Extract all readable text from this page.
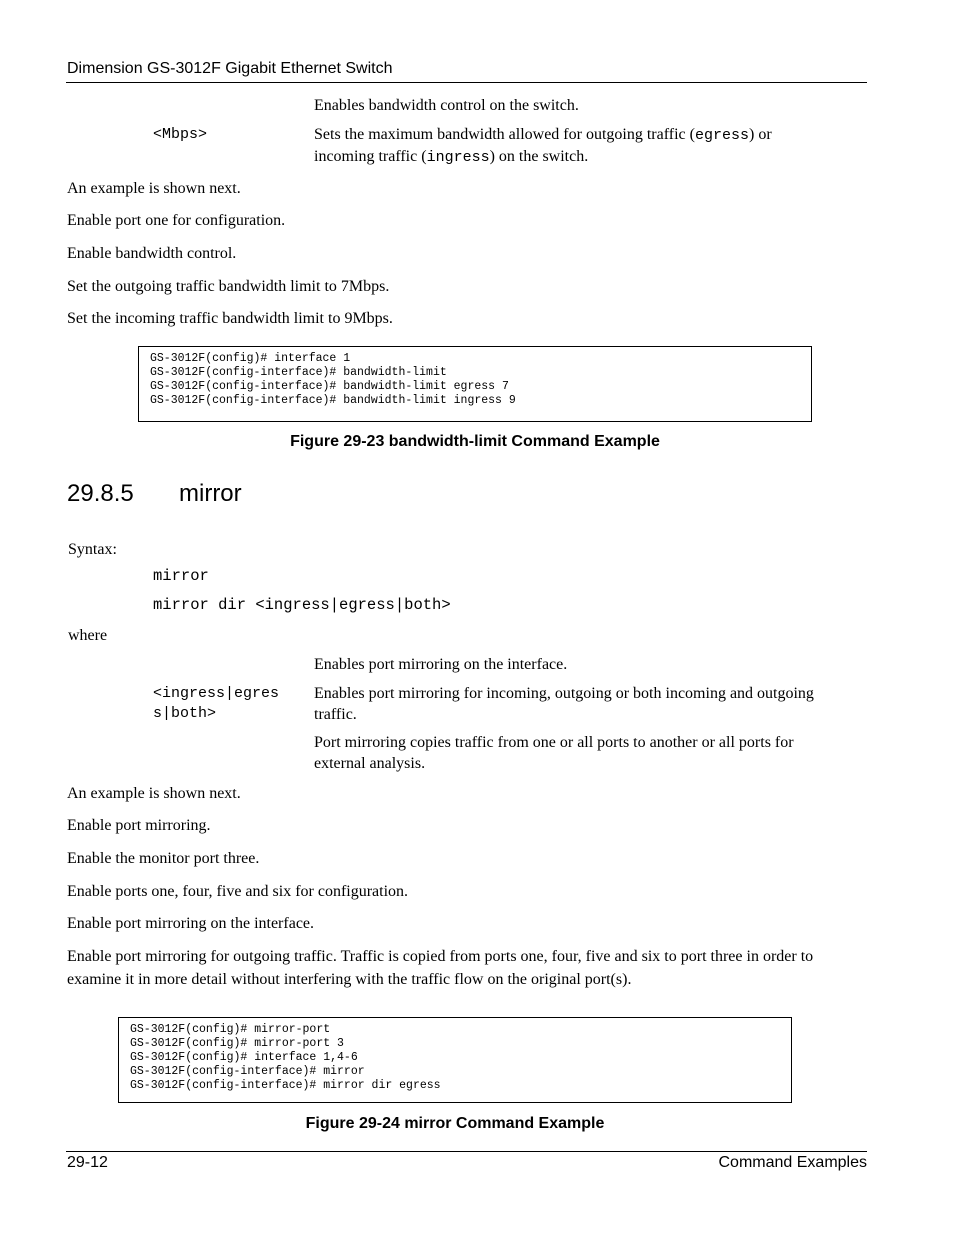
Dimension GS-3012F Gigabit Ethernet Switch
Enables bandwidth control on the switch.
<Mbps>	Sets the maximum bandwidth allowed for outgoing traffic (egress) or
incoming traffic (ingress) on the switch.
An example is shown next.
Enable port one for configuration.
Enable bandwidth control.
Set the outgoing traffic bandwidth limit to 7Mbps.
Set the incoming traffic bandwidth limit to 9Mbps.
GS-3012F(config)# interface 1
GS-3012F(config-interface)# bandwidth-limit
GS-3012F(config-interface)# bandwidth-limit egress 7
GS-3012F(config-interface)# bandwidth-limit ingress 9
Figure 29-23 bandwidth-limit Command Example
29.8.5 mirror
Syntax:
mirror
mirror dir <ingress|egress|both>
where
Enables port mirroring on the interface.
<ingress|egres
s|both>
Enables port mirroring for incoming, outgoing or both incoming and outgoing traffic.
Port mirroring copies traffic from one or all ports to another or all ports for external analysis.
An example is shown next.
Enable port mirroring.
Enable the monitor port three.
Enable ports one, four, five and six for configuration.
Enable port mirroring on the interface.
Enable port mirroring for outgoing traffic. Traffic is copied from ports one, four, five and six to port three in order to examine it in more detail without interfering with the traffic flow on the original port(s).
GS-3012F(config)# mirror-port
GS-3012F(config)# mirror-port 3
GS-3012F(config)# interface 1,4-6
GS-3012F(config-interface)# mirror
GS-3012F(config-interface)# mirror dir egress
Figure 29-24 mirror Command Example
29-12	Command Examples
